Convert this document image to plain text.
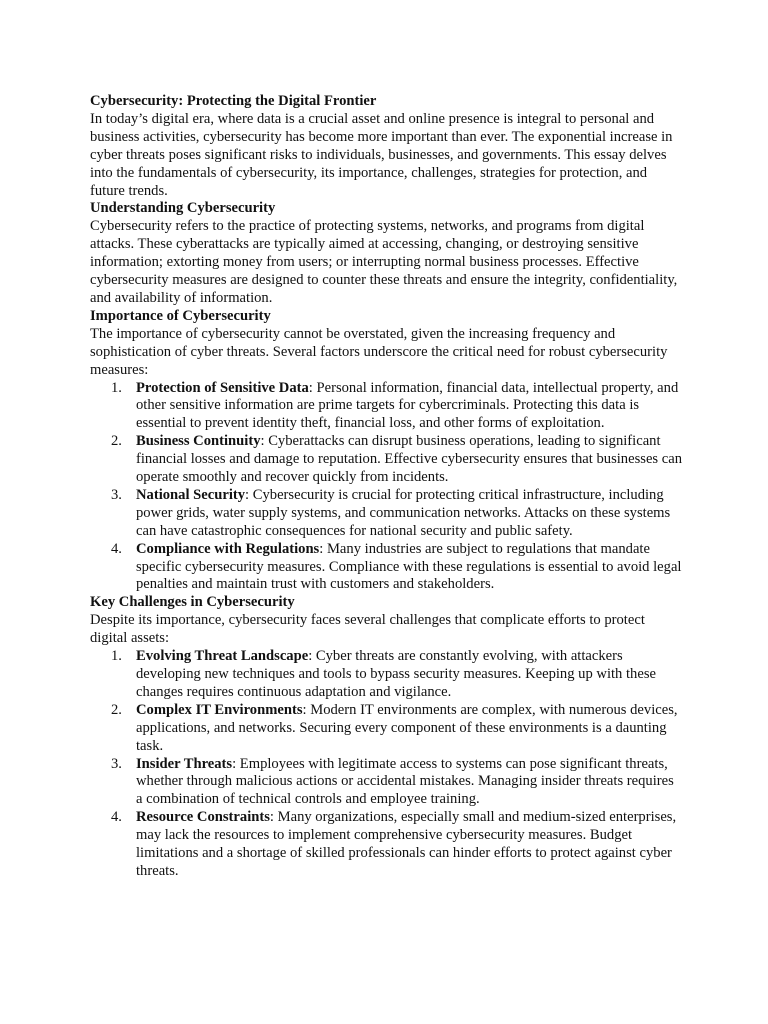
Cybersecurity: Protecting the Digital Frontier

In today’s digital era, where data is a crucial asset and online presence is integral to personal and business activities, cybersecurity has become more important than ever. The exponential increase in cyber threats poses significant risks to individuals, businesses, and governments. This essay delves into the fundamentals of cybersecurity, its importance, challenges, strategies for protection, and future trends.

Understanding Cybersecurity

Cybersecurity refers to the practice of protecting systems, networks, and programs from digital attacks. These cyberattacks are typically aimed at accessing, changing, or destroying sensitive information; extorting money from users; or interrupting normal business processes. Effective cybersecurity measures are designed to counter these threats and ensure the integrity, confidentiality, and availability of information.

Importance of Cybersecurity

The importance of cybersecurity cannot be overstated, given the increasing frequency and sophistication of cyber threats. Several factors underscore the critical need for robust cybersecurity measures:

1. Protection of Sensitive Data: Personal information, financial data, intellectual property, and other sensitive information are prime targets for cybercriminals. Protecting this data is essential to prevent identity theft, financial loss, and other forms of exploitation.
2. Business Continuity: Cyberattacks can disrupt business operations, leading to significant financial losses and damage to reputation. Effective cybersecurity ensures that businesses can operate smoothly and recover quickly from incidents.
3. National Security: Cybersecurity is crucial for protecting critical infrastructure, including power grids, water supply systems, and communication networks. Attacks on these systems can have catastrophic consequences for national security and public safety.
4. Compliance with Regulations: Many industries are subject to regulations that mandate specific cybersecurity measures. Compliance with these regulations is essential to avoid legal penalties and maintain trust with customers and stakeholders.

Key Challenges in Cybersecurity

Despite its importance, cybersecurity faces several challenges that complicate efforts to protect digital assets:

1. Evolving Threat Landscape: Cyber threats are constantly evolving, with attackers developing new techniques and tools to bypass security measures. Keeping up with these changes requires continuous adaptation and vigilance.
2. Complex IT Environments: Modern IT environments are complex, with numerous devices, applications, and networks. Securing every component of these environments is a daunting task.
3. Insider Threats: Employees with legitimate access to systems can pose significant threats, whether through malicious actions or accidental mistakes. Managing insider threats requires a combination of technical controls and employee training.
4. Resource Constraints: Many organizations, especially small and medium-sized enterprises, may lack the resources to implement comprehensive cybersecurity measures. Budget limitations and a shortage of skilled professionals can hinder efforts to protect against cyber threats.
